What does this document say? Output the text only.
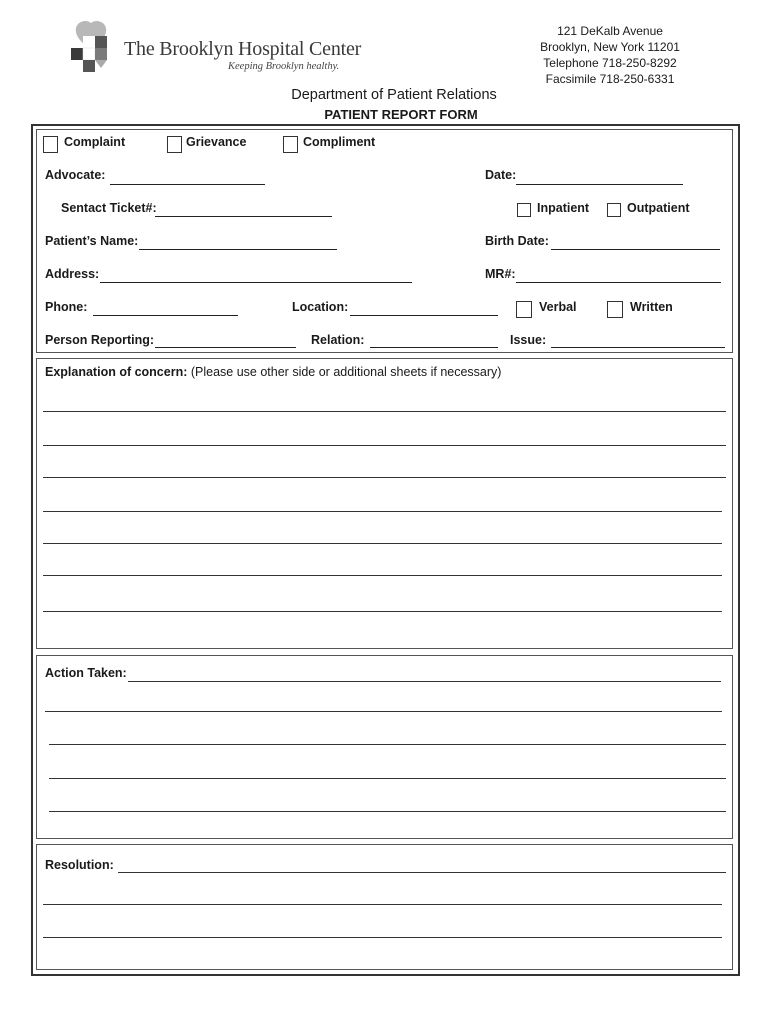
The Brooklyn Hospital Center
Keeping Brooklyn healthy.
121 DeKalb Avenue
Brooklyn, New York 11201
Telephone 718-250-8292
Facsimile 718-250-6331
Department of Patient Relations
PATIENT REPORT FORM
Complaint	Grievance	Compliment
Advocate:	Date:
Sentact Ticket#:	Inpatient	Outpatient
Patient’s Name:	Birth Date:
Address:	MR#:
Phone:	Location:	Verbal	Written
Person Reporting:	Relation:	Issue:
Explanation of concern: (Please use other side or additional sheets if necessary)
Action Taken:
Resolution:
